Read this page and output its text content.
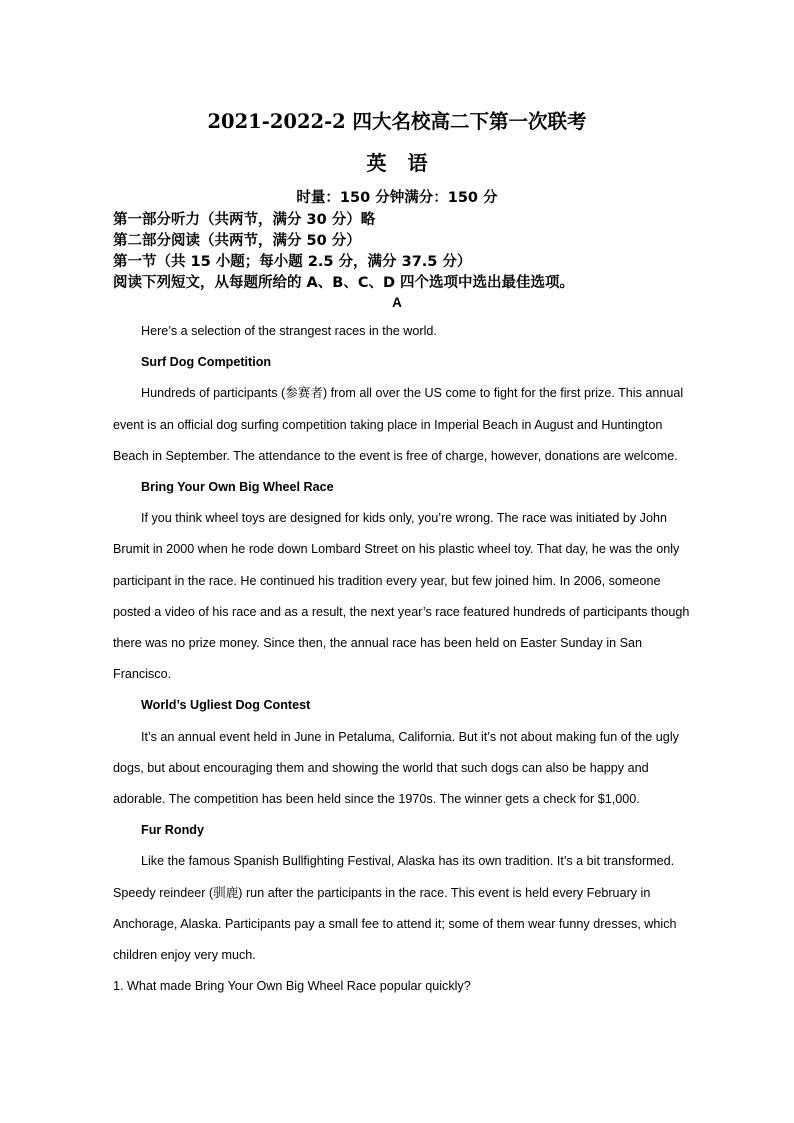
2021-2022-2 四大名校高二下第一次联考
英 语
时量：150 分钟满分：150 分
第一部分听力（共两节，满分 30 分）略
第二部分阅读（共两节，满分 50 分）
第一节（共 15 小题；每小题 2.5 分，满分 37.5 分）
阅读下列短文，从每题所给的 A、B、C、D 四个选项中选出最佳选项。
A

Here’s a selection of the strangest races in the world.

Surf Dog Competition

Hundreds of participants (参赛者) from all over the US come to fight for the first prize. This annual event is an official dog surfing competition taking place in Imperial Beach in August and Huntington Beach in September. The attendance to the event is free of charge, however, donations are welcome.

Bring Your Own Big Wheel Race

If you think wheel toys are designed for kids only, you’re wrong. The race was initiated by John Brumit in 2000 when he rode down Lombard Street on his plastic wheel toy. That day, he was the only participant in the race. He continued his tradition every year, but few joined him. In 2006, someone posted a video of his race and as a result, the next year’s race featured hundreds of participants though there was no prize money. Since then, the annual race has been held on Easter Sunday in San Francisco.

World’s Ugliest Dog Contest

It’s an annual event held in June in Petaluma, California. But it’s not about making fun of the ugly dogs, but about encouraging them and showing the world that such dogs can also be happy and adorable. The competition has been held since the 1970s. The winner gets a check for $1,000.

Fur Rondy

Like the famous Spanish Bullfighting Festival, Alaska has its own tradition. It’s a bit transformed. Speedy reindeer (驯鹿) run after the participants in the race. This event is held every February in Anchorage, Alaska. Participants pay a small fee to attend it; some of them wear funny dresses, which children enjoy very much.

1. What made Bring Your Own Big Wheel Race popular quickly?
